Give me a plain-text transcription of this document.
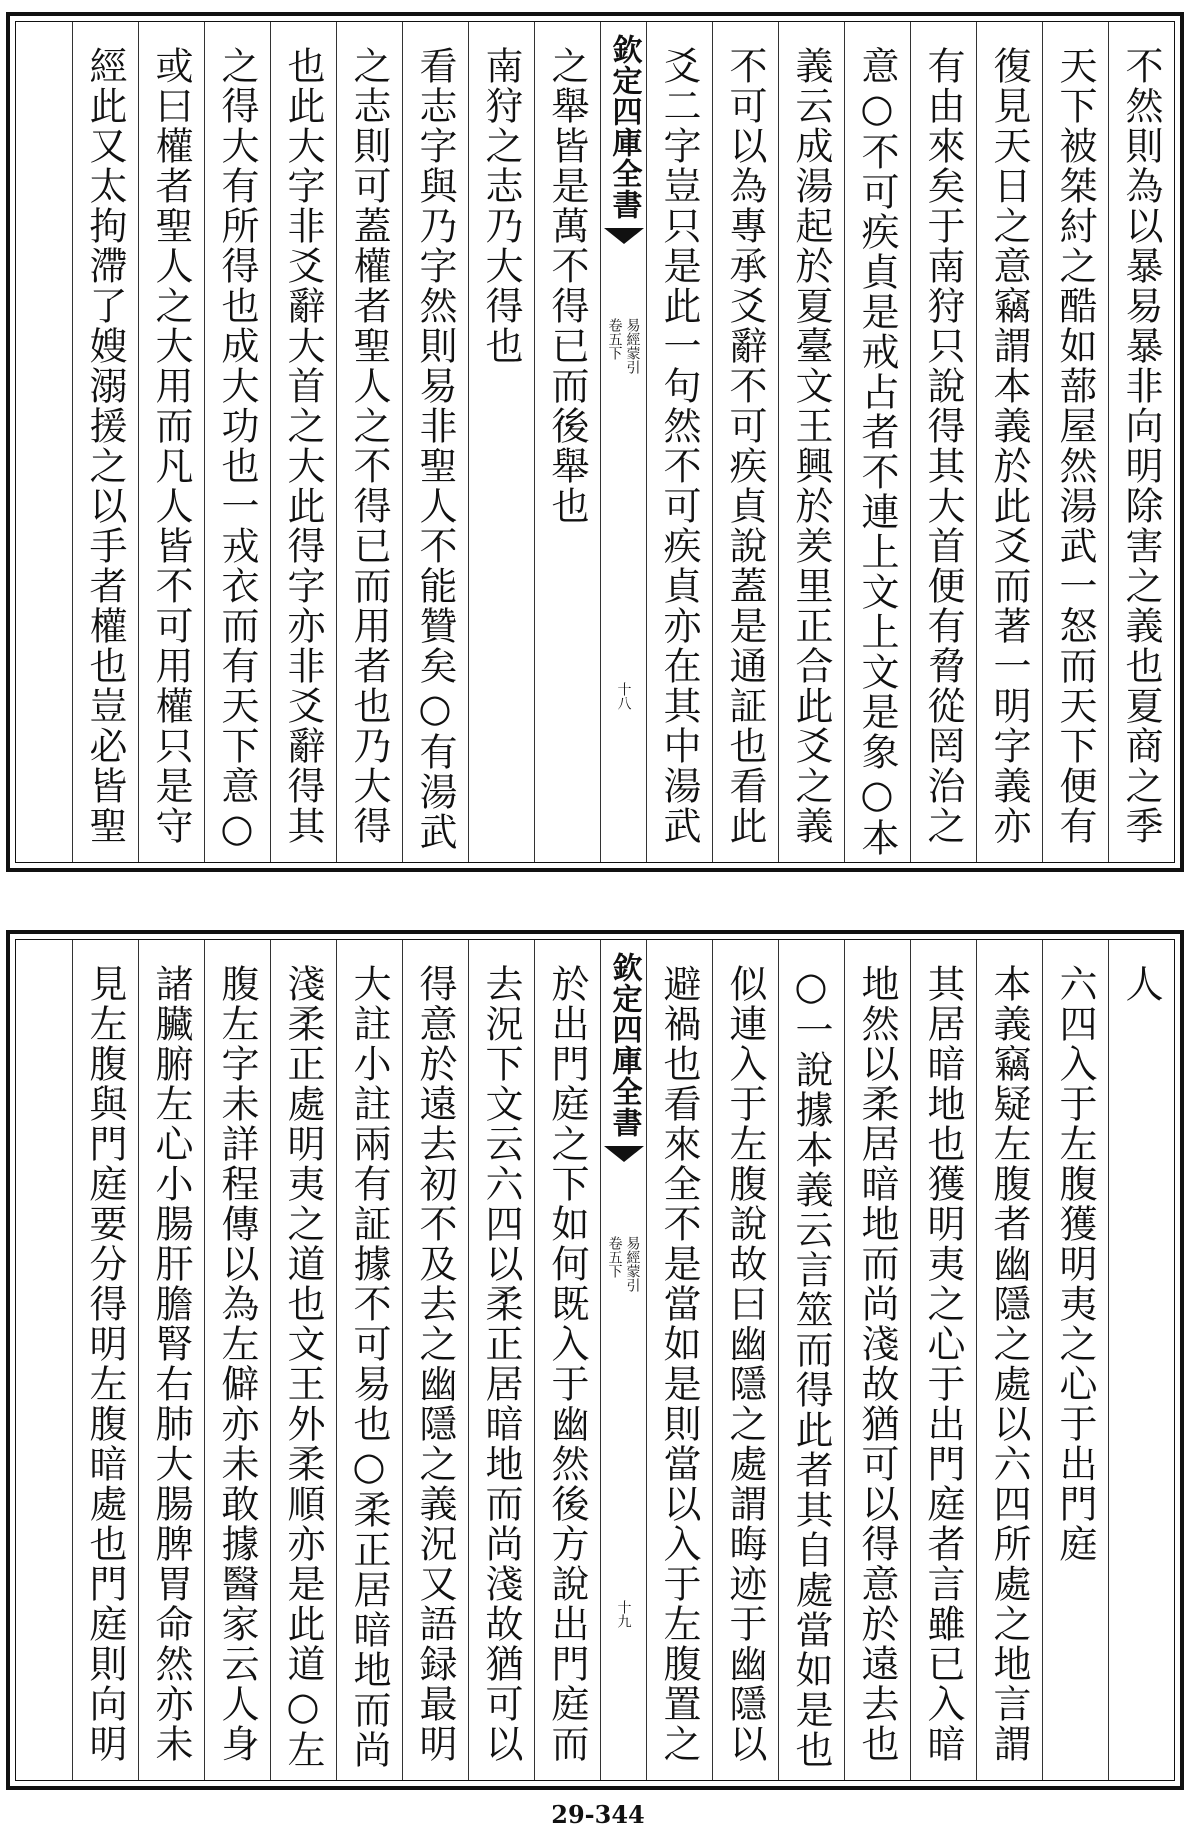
不然則為以暴易暴非向明除害之義也夏商之季
天下被桀紂之酷如蔀屋然湯武一怒而天下便有
復見天日之意竊謂本義於此爻而著一明字義亦
有由來矣于南狩只說得其大首便有脅從罔治之
意○不可疾貞是戒占者不連上文上文是象○本
義云成湯起於夏臺文王興於羑里正合此爻之義
不可以為專承爻辭不可疾貞說蓋是通証也看此
爻二字豈只是此一句然不可疾貞亦在其中湯武
欽定四庫全書
易經蒙引
卷五下
十八
之舉皆是萬不得已而後舉也
南狩之志乃大得也
看志字與乃字然則易非聖人不能贊矣○有湯武
之志則可蓋權者聖人之不得已而用者也乃大得
也此大字非爻辭大首之大此得字亦非爻辭得其
之得大有所得也成大功也一戎衣而有天下意○
或曰權者聖人之大用而凡人皆不可用權只是守
經此又太拘滯了嫂溺援之以手者權也豈必皆聖
人
六四入于左腹獲明夷之心于出門庭
本義竊疑左腹者幽隱之處以六四所處之地言謂
其居暗地也獲明夷之心于出門庭者言雖已入暗
地然以柔居暗地而尚淺故猶可以得意於遠去也
○一說據本義云言筮而得此者其自處當如是也
似連入于左腹說故曰幽隱之處謂晦迹于幽隱以
避禍也看來全不是當如是則當以入于左腹置之
欽定四庫全書
易經蒙引
卷五下
十九
於出門庭之下如何既入于幽然後方說出門庭而
去況下文云六四以柔正居暗地而尚淺故猶可以
得意於遠去初不及去之幽隱之義況又語録最明
大註小註兩有証據不可易也○柔正居暗地而尚
淺柔正處明夷之道也文王外柔順亦是此道○左
腹左字未詳程傳以為左僻亦未敢據醫家云人身
諸臟腑左心小腸肝膽腎右肺大腸脾胃命然亦未
見左腹與門庭要分得明左腹暗處也門庭則向明
29-344
